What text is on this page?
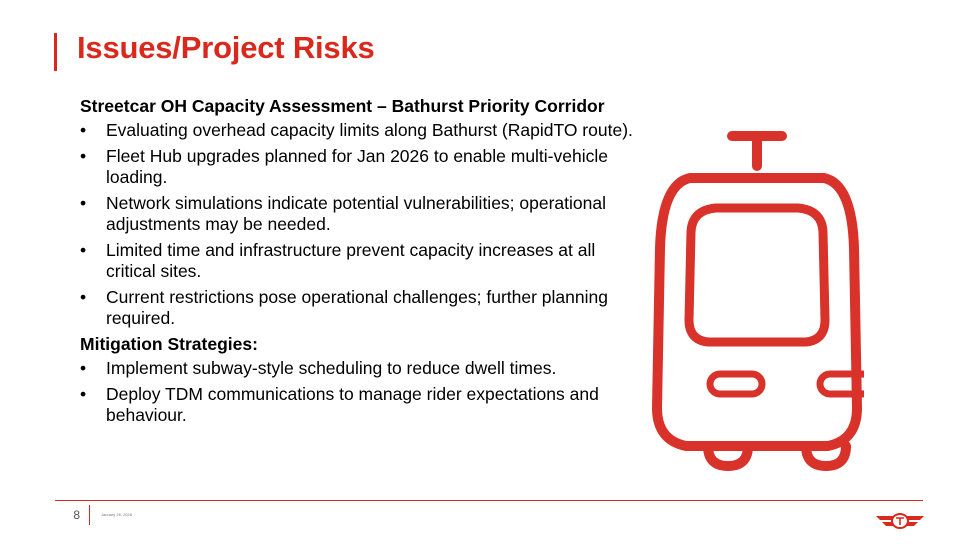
Issues/Project Risks

Streetcar OH Capacity Assessment – Bathurst Priority Corridor

•	Evaluating overhead capacity limits along Bathurst (RapidTO route).
•	Fleet Hub upgrades planned for Jan 2026 to enable multi-vehicle loading.
•	Network simulations indicate potential vulnerabilities; operational adjustments may be needed.
•	Limited time and infrastructure prevent capacity increases at all critical sites.
•	Current restrictions pose operational challenges; further planning required.

Mitigation Strategies:

•	Implement subway-style scheduling to reduce dwell times.
•	Deploy TDM communications to manage rider expectations and behaviour.
8	January 26, 2026
